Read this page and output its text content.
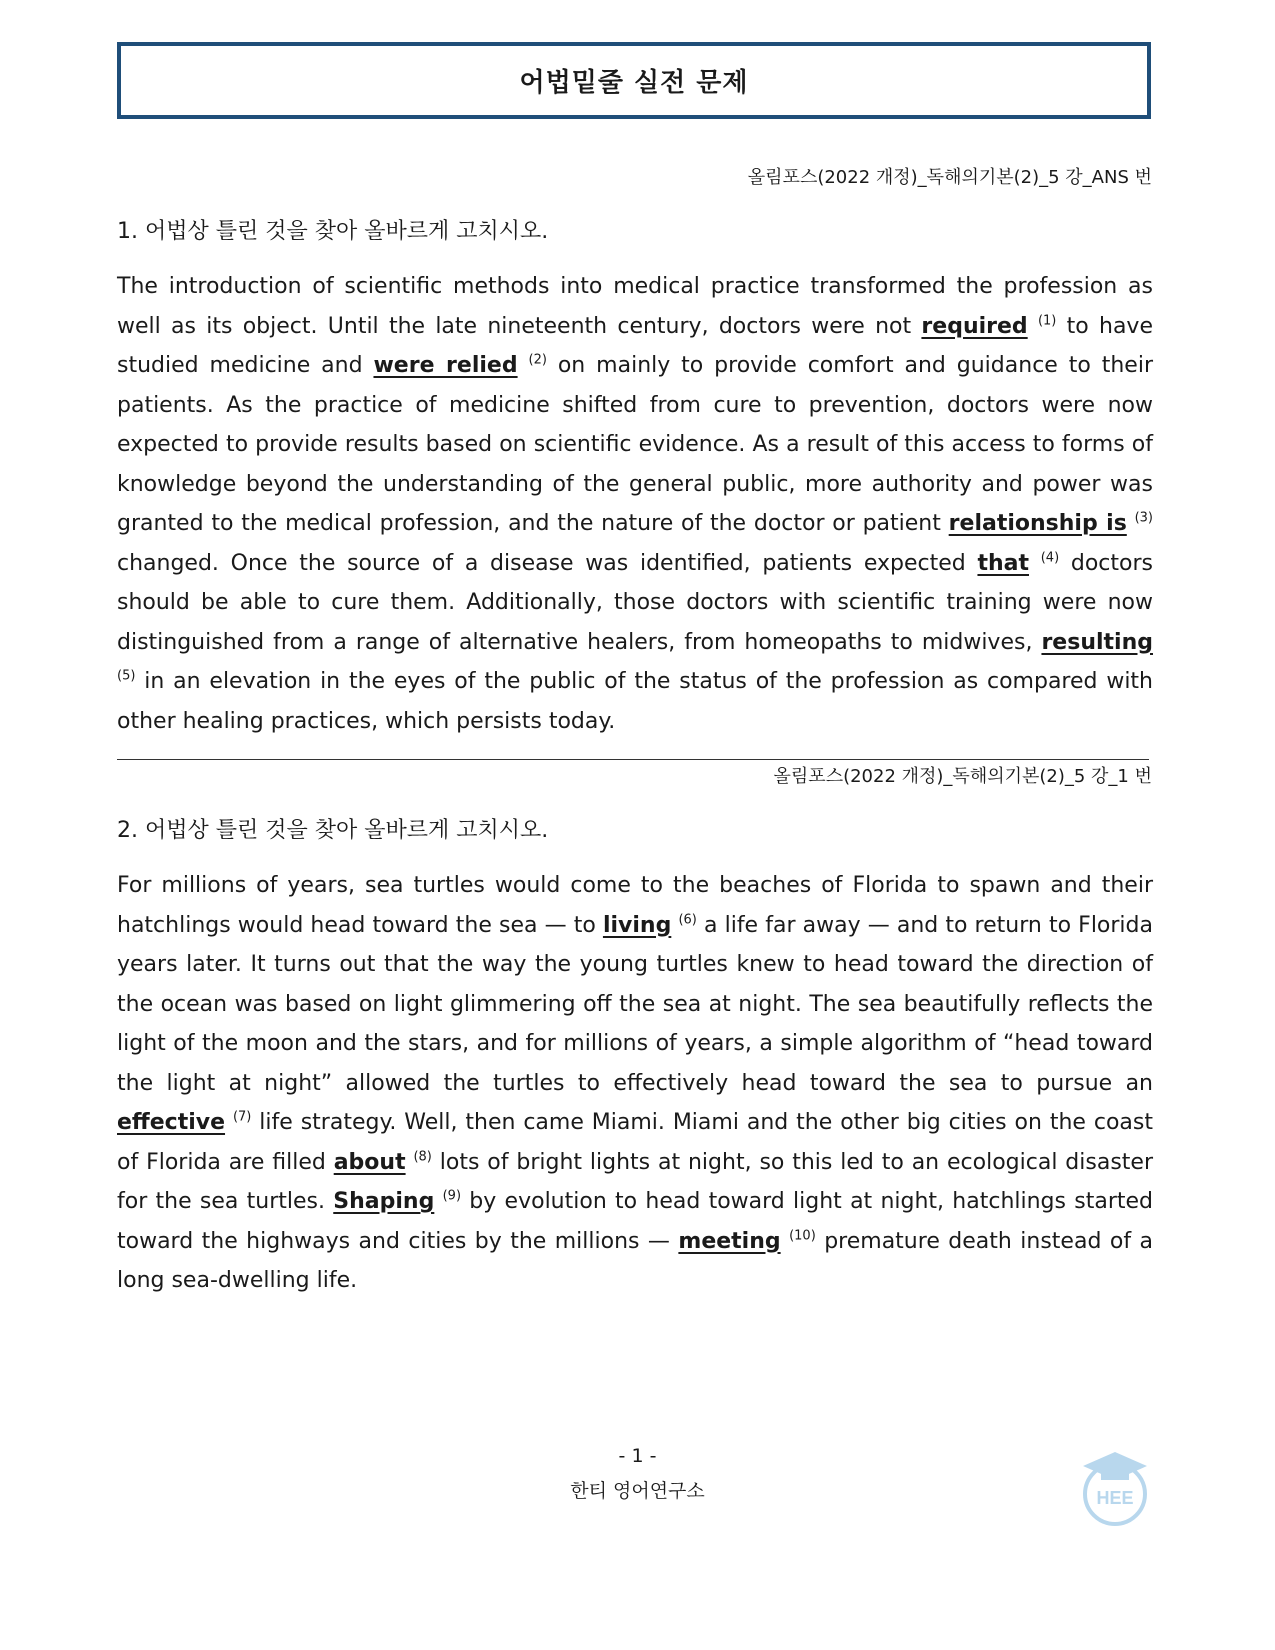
어법밑줄 실전 문제
올림포스(2022 개정)_독해의기본(2)_5 강_ANS 번
1. 어법상 틀린 것을 찾아 올바르게 고치시오.

The introduction of scientific methods into medical practice transformed the profession as well as its object. Until the late nineteenth century, doctors were not required $^{(1)}$ to have studied medicine and were relied $^{(2)}$ on mainly to provide comfort and guidance to their patients. As the practice of medicine shifted from cure to prevention, doctors were now expected to provide results based on scientific evidence. As a result of this access to forms of knowledge beyond the understanding of the general public, more authority and power was granted to the medical profession, and the nature of the doctor or patient relationship is $^{(3)}$ changed. Once the source of a disease was identified, patients expected that $^{(4)}$ doctors should be able to cure them. Additionally, those doctors with scientific training were now distinguished from a range of alternative healers, from homeopaths to midwives, resulting $^{(5)}$ in an elevation in the eyes of the public of the status of the profession as compared with other healing practices, which persists today.

올림포스(2022 개정)_독해의기본(2)_5 강_1 번
2. 어법상 틀린 것을 찾아 올바르게 고치시오.

For millions of years, sea turtles would come to the beaches of Florida to spawn and their hatchlings would head toward the sea — to living $^{(6)}$ a life far away — and to return to Florida years later. It turns out that the way the young turtles knew to head toward the direction of the ocean was based on light glimmering off the sea at night. The sea beautifully reflects the light of the moon and the stars, and for millions of years, a simple algorithm of “head toward the light at night” allowed the turtles to effectively head toward the sea to pursue an effective $^{(7)}$ life strategy. Well, then came Miami. Miami and the other big cities on the coast of Florida are filled about $^{(8)}$ lots of bright lights at night, so this led to an ecological disaster for the sea turtles. Shaping $^{(9)}$ by evolution to head toward light at night, hatchlings started toward the highways and cities by the millions — meeting $^{(10)}$ premature death instead of a long sea-dwelling life.

- 1 -
한티 영어연구소	HEE
